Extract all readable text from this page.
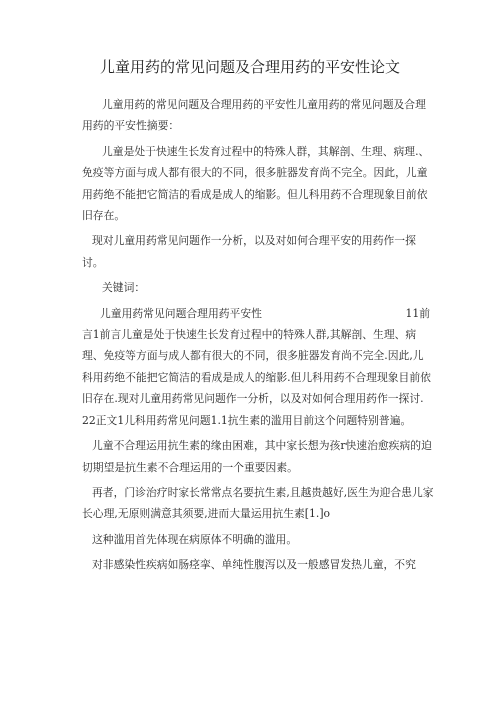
儿童用药的常见问题及合理用药的平安性论文

儿童用药的常见问题及合理用药的平安性儿童用药的常见问题及合理用药的平安性摘要：

儿童是处于快速生长发育过程中的特殊人群，其解剖、生理、病理.、免疫等方面与成人都有很大的不同，很多脏器发育尚不完全。因此，儿童用药绝不能把它简洁的看成是成人的缩影。但儿科用药不合理现象目前依旧存在。

现对儿童用药常见问题作一分析，以及对如何合理平安的用药作一探讨。

关键词：

儿童用药常见问题合理用药平安性	11前

言1前言儿童是处于快速生长发育过程中的特殊人群,其解剖、生理、病理、免疫等方面与成人都有很大的不同，很多脏器发育尚不完全.因此,儿科用药绝不能把它简洁的看成是成人的缩影.但儿科用药不合理现象目前依旧存在.现对儿童用药常见问题作一分析，以及对如何合理用药作一探讨. 22正文1儿科用药常见问题1.1抗生素的滥用目前这个问题特别普遍。

儿童不合理运用抗生素的缘由困难，其中家长想为孩r快速治愈疾病的迫切期望是抗生素不合理运用的一个重要因素。

再者，门诊治疗时家长常常点名要抗生素,且越贵越好,医生为迎合患儿家长心理,无原则满意其须要,进而大量运用抗生素[1.]o

这种滥用首先体现在病原体不明确的滥用。

对非感染性疾病如肠痉挛、单纯性腹泻以及一般感冒发热儿童，不究
